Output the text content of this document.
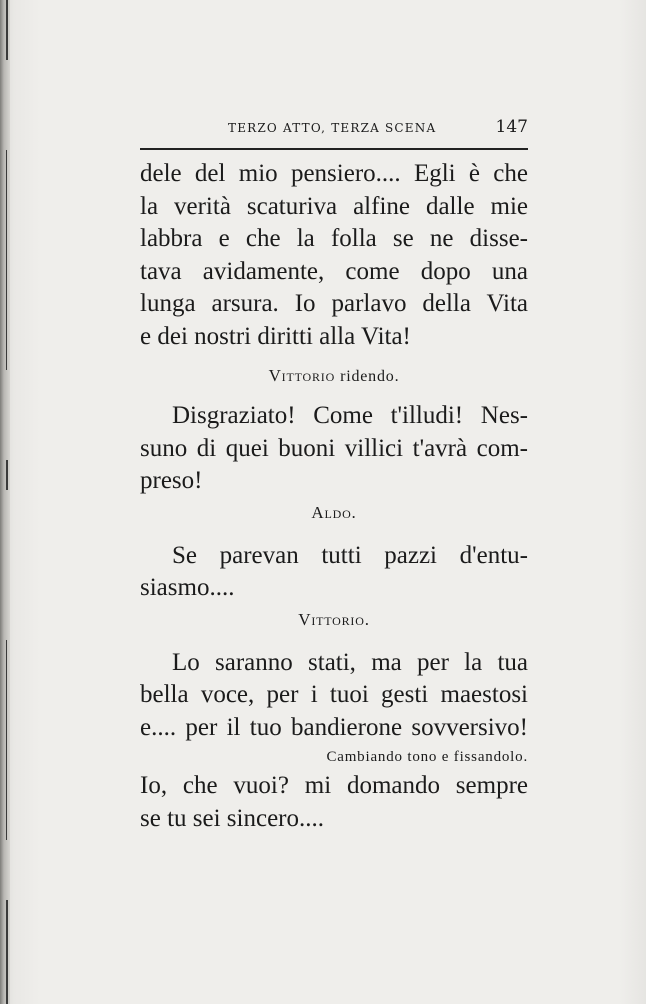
TERZO ATTO, TERZA SCENA	147
dele del mio pensiero.... Egli è che
la verità scaturiva alfine dalle mie
labbra e che la folla se ne disse-
tava avidamente, come dopo una
lunga arsura. Io parlavo della Vita
e dei nostri diritti alla Vita!
Vittorio ridendo.
Disgraziato! Come t'illudi! Nes-
suno di quei buoni villici t'avrà com-
preso!
Aldo.
Se parevan tutti pazzi d'entu-
siasmo....
Vittorio.
Lo saranno stati, ma per la tua
bella voce, per i tuoi gesti maestosi
e.... per il tuo bandierone sovversivo!
Cambiando tono e fissandolo.
Io, che vuoi? mi domando sempre
se tu sei sincero....
